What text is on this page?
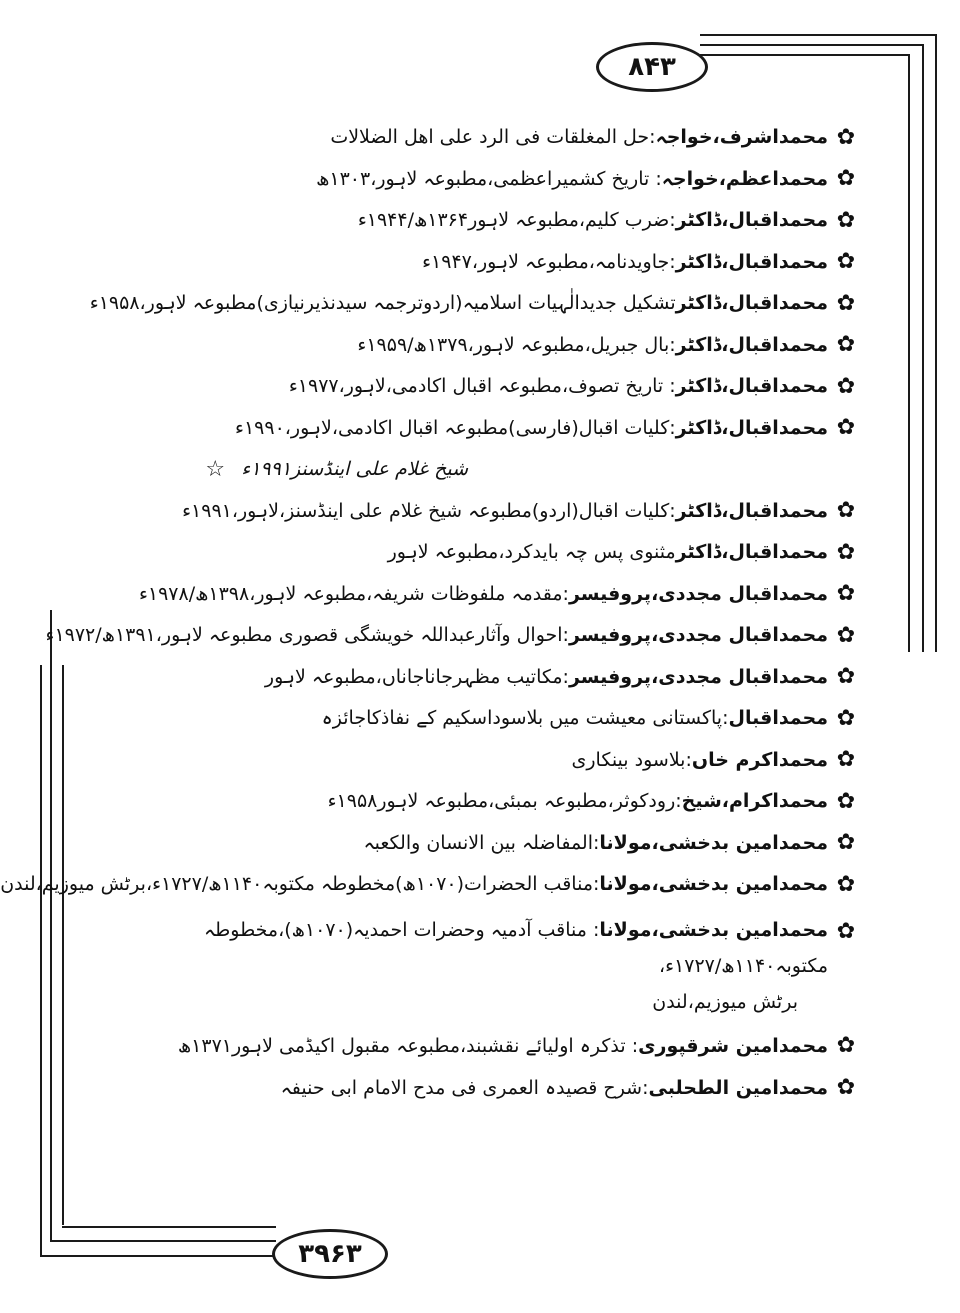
۸۴۳
۳۹۶۳
✿
محمداشرف،خواجہ:حل المغلقات فی الرد علی اھل الضلالات
✿
محمداعظم،خواجہ: تاریخ کشمیراعظمی،مطبوعہ لاہور،۱۳۰۳ھ
✿
محمداقبال،ڈاکٹر:ضرب کلیم،مطبوعہ لاہور۱۳۶۴ھ/۱۹۴۴ء
✿
محمداقبال،ڈاکٹر:جاویدنامہ،مطبوعہ لاہور،۱۹۴۷ء
✿
محمداقبال،ڈاکٹرتشکیل جدیدالٰہیات اسلامیہ(اردوترجمہ سیدنذیرنیازی)مطبوعہ لاہور،۱۹۵۸ء
✿
محمداقبال،ڈاکٹر:بال جبریل،مطبوعہ لاہور،۱۳۷۹ھ/۱۹۵۹ء
✿
محمداقبال،ڈاکٹر: تاریخ تصوف،مطبوعہ اقبال اکادمی،لاہور،۱۹۷۷ء
✿
محمداقبال،ڈاکٹر:کلیات اقبال(فارسی)مطبوعہ اقبال اکادمی،لاہور،۱۹۹۰ء
شیخ غلام علی اینڈسنز۱۹۹۱ء
☆
✿
محمداقبال،ڈاکٹر:کلیات اقبال(اردو)مطبوعہ شیخ غلام علی اینڈسنز،لاہور،۱۹۹۱ء
✿
محمداقبال،ڈاکٹرمثنوی پس چہ بایدکرد،مطبوعہ لاہور
✿
محمداقبال مجددی،پروفیسر:مقدمہ ملفوظات شریفہ،مطبوعہ لاہور،۱۳۹۸ھ/۱۹۷۸ء
✿
محمداقبال مجددی،پروفیسر:احوال وآثارعبداللہ خویشگی قصوری مطبوعہ لاہور،۱۳۹۱ھ/۱۹۷۲ء
✿
محمداقبال مجددی،پروفیسر:مکاتیب مظہرجاناجاناں،مطبوعہ لاہور
✿
محمداقبال:پاکستانی معیشت میں بلاسوداسکیم کے نفاذکاجائزہ
✿
محمداکرم خاں:بلاسود بینکاری
✿
محمداکرام،شیخ:رودکوثر،مطبوعہ بمبئی،مطبوعہ لاہور۱۹۵۸ء
✿
محمدامین بدخشی،مولانا:المفاضلہ بین الانسان والکعبہ
✿
محمدامین بدخشی،مولانا:مناقب الحضرات(۱۰۷۰ھ)مخطوطہ مکتوبہ۱۱۴۰ھ/۱۷۲۷ء،برٹش میوزیم،لندن
✿
محمدامین بدخشی،مولانا: مناقب آدمیہ وحضرات احمدیہ(۱۰۷۰ھ)،مخطوطہ مکتوبہ۱۱۴۰ھ/۱۷۲۷ء،
برٹش میوزیم،لندن
✿
محمدامین شرقپوری: تذکرہ اولیائے نقشبند،مطبوعہ مقبول اکیڈمی لاہور۱۳۷۱ھ
✿
محمدامین الطحلبی:شرح قصیدہ العمری فی مدح الامام ابی حنیفہ
